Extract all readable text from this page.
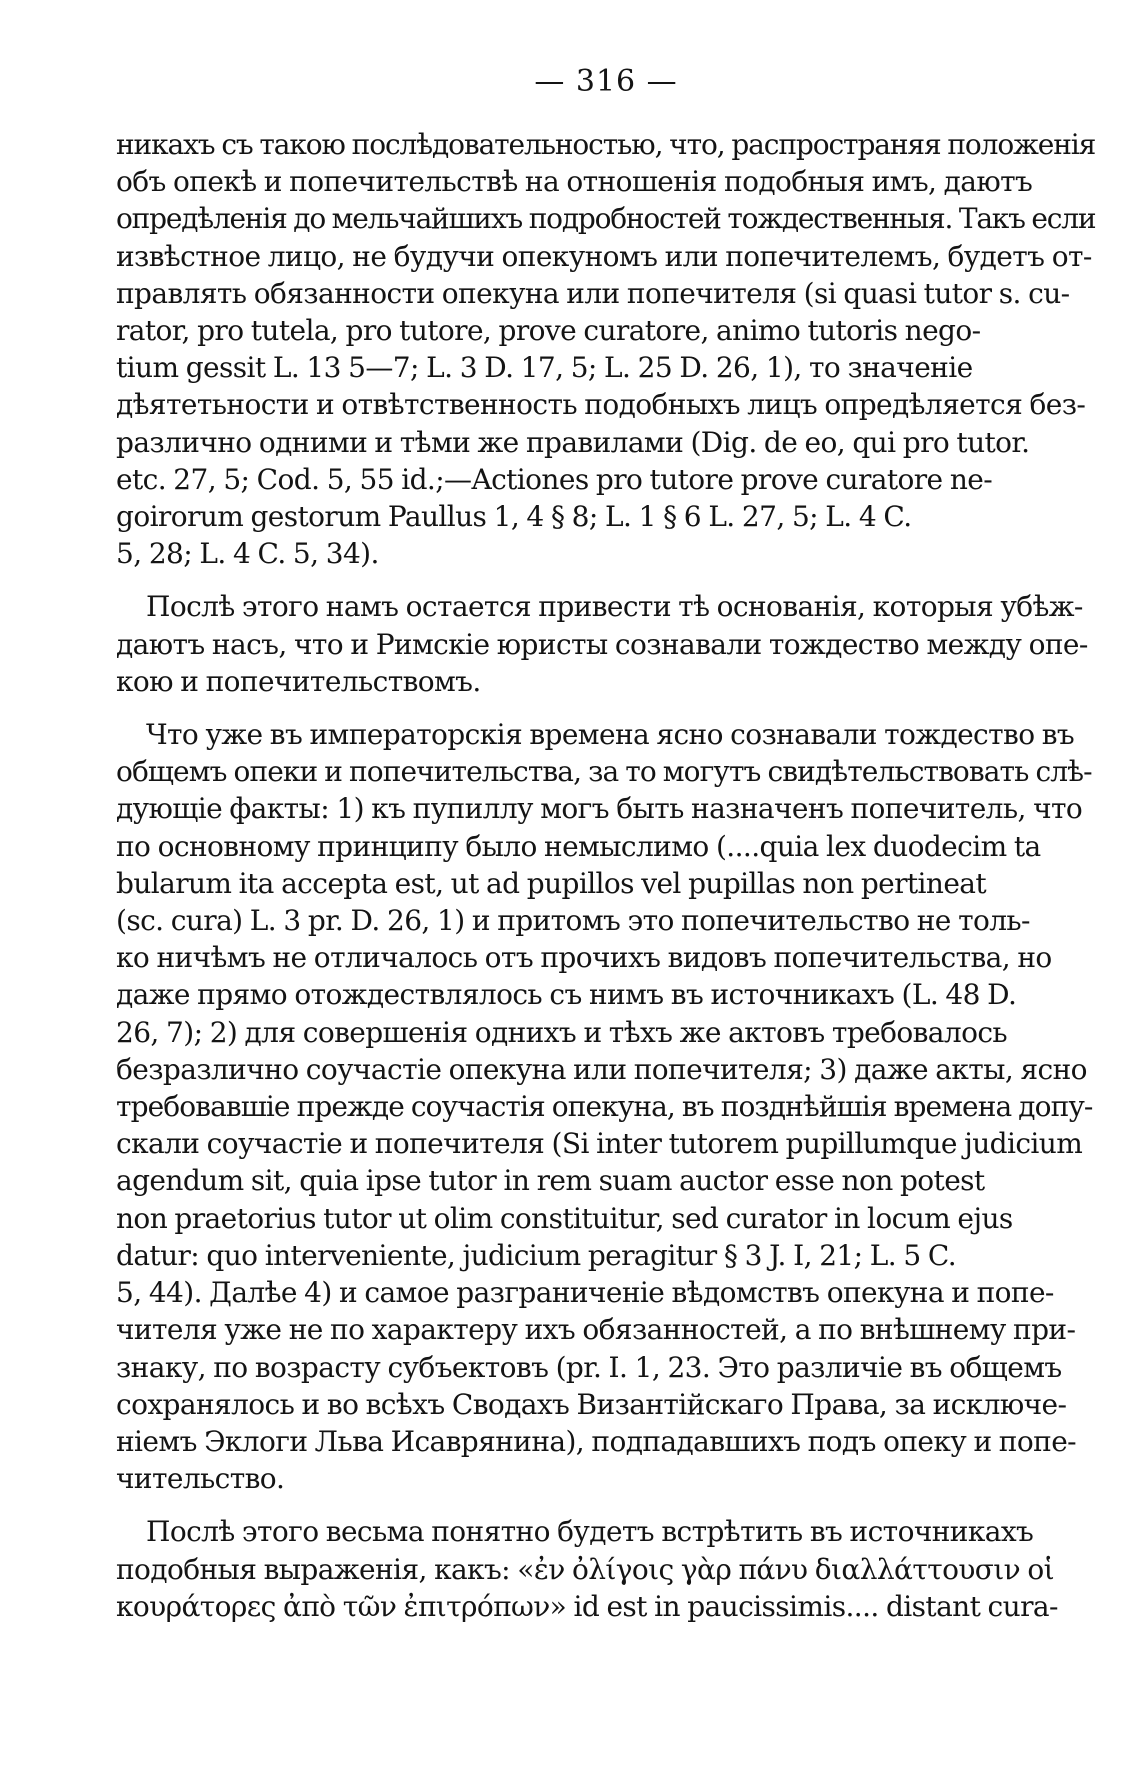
— 316 —
никахъ съ такою послѣдовательностью, что, распространяя положенія
объ опекѣ и попечительствѣ на отношенія подобныя имъ, даютъ
опредѣленія до мельчайшихъ подробностей тождественныя. Такъ если
извѣстное лицо, не будучи опекуномъ или попечителемъ, будетъ от-
правлять обязанности опекуна или попечителя (si quasi tutor s. cu-
rator, pro tutela, pro tutore, prove curatore, animo tutoris nego-
tium gessit L. 13 5—7; L. 3 D. 17, 5; L. 25 D. 26, 1), то значеніе
дѣятетьности и отвѣтственность подобныхъ лицъ опредѣляется без-
различно одними и тѣми же правилами (Dig. de eo, qui pro tutor.
etc. 27, 5; Cod. 5, 55 id.;—Actiones pro tutore prove curatore ne-
goirorum gestorum Paullus 1, 4 § 8; L. 1 § 6 L. 27, 5; L. 4 C.
5, 28; L. 4 C. 5, 34).
Послѣ этого намъ остается привести тѣ основанія, которыя убѣж-
даютъ насъ, что и Римскіе юристы сознавали тождество между опе-
кою и попечительствомъ.
Что уже въ императорскія времена ясно сознавали тождество въ
общемъ опеки и попечительства, за то могутъ свидѣтельствовать слѣ-
дующіе факты: 1) къ пупиллу могъ быть назначенъ попечитель, что
по основному принципу было немыслимо (....quia lex duodecim ta
bularum ita accepta est, ut ad pupillos vel pupillas non pertineat
(sc. cura) L. 3 pr. D. 26, 1) и притомъ это попечительство не толь-
ко ничѣмъ не отличалось отъ прочихъ видовъ попечительства, но
даже прямо отождествлялось съ нимъ въ источникахъ (L. 48 D.
26, 7); 2) для совершенія однихъ и тѣхъ же актовъ требовалось
безразлично соучастіе опекуна или попечителя; 3) даже акты, ясно
требовавшіе прежде соучастія опекуна, въ позднѣйшія времена допу-
скали соучастіе и попечителя (Si inter tutorem pupillumque judicium
agendum sit, quia ipse tutor in rem suam auctor esse non potest
non praetorius tutor ut olim constituitur, sed curator in locum ejus
datur: quo interveniente, judicium peragitur § 3 J. I, 21; L. 5 C.
5, 44). Далѣе 4) и самое разграниченіе вѣдомствъ опекуна и попе-
чителя уже не по характеру ихъ обязанностей, а по внѣшнему при-
знаку, по возрасту субъектовъ (pr. I. 1, 23. Это различіе въ общемъ
сохранялось и во всѣхъ Сводахъ Византійскаго Права, за исключе-
ніемъ Эклоги Льва Исаврянина), подпадавшихъ подъ опеку и попе-
чительство.
Послѣ этого весьма понятно будетъ встрѣтить въ источникахъ
подобныя выраженія, какъ: «ἐν ὀλίγοις γὰρ πάνυ διαλλάττουσιν οἱ
κουράτορες ἀπὸ τῶν ἐπιτρόπων» id est in paucissimis.... distant cura-
